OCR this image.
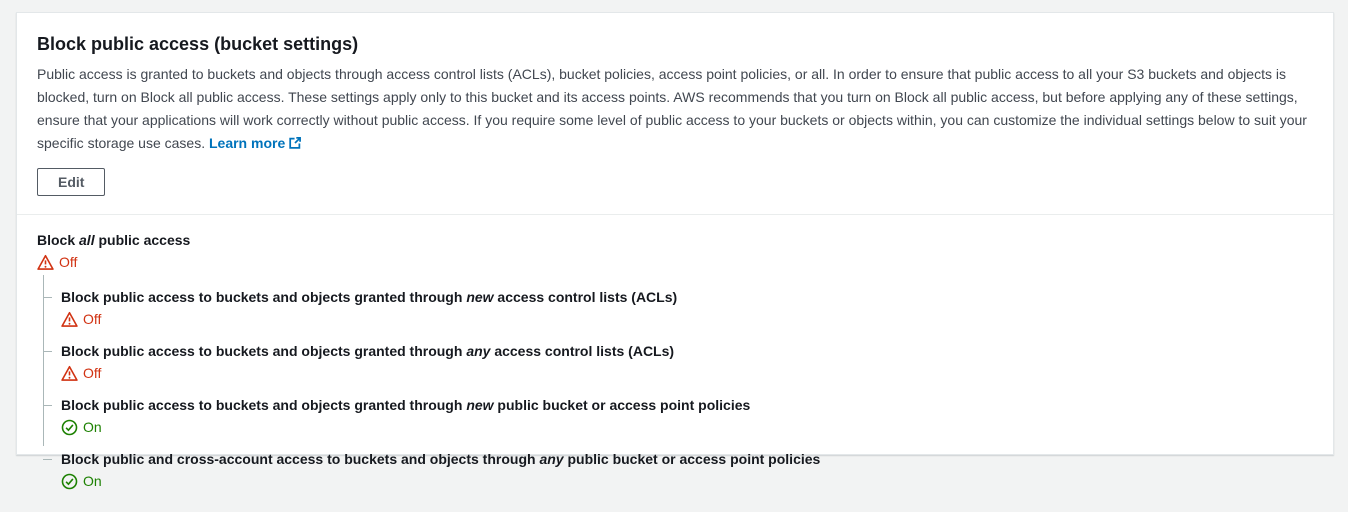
Block public access (bucket settings)

Public access is granted to buckets and objects through access control lists (ACLs), bucket policies, access point policies, or all. In order to ensure that public access to all your S3 buckets and objects is blocked, turn on Block all public access. These settings apply only to this bucket and its access points. AWS recommends that you turn on Block all public access, but before applying any of these settings, ensure that your applications will work correctly without public access. If you require some level of public access to your buckets or objects within, you can customize the individual settings below to suit your specific storage use cases. Learn more

Edit
Block all public access
Off
Block public access to buckets and objects granted through new access control lists (ACLs)
Off
Block public access to buckets and objects granted through any access control lists (ACLs)
Off
Block public access to buckets and objects granted through new public bucket or access point policies
On
Block public and cross-account access to buckets and objects through any public bucket or access point policies
On
